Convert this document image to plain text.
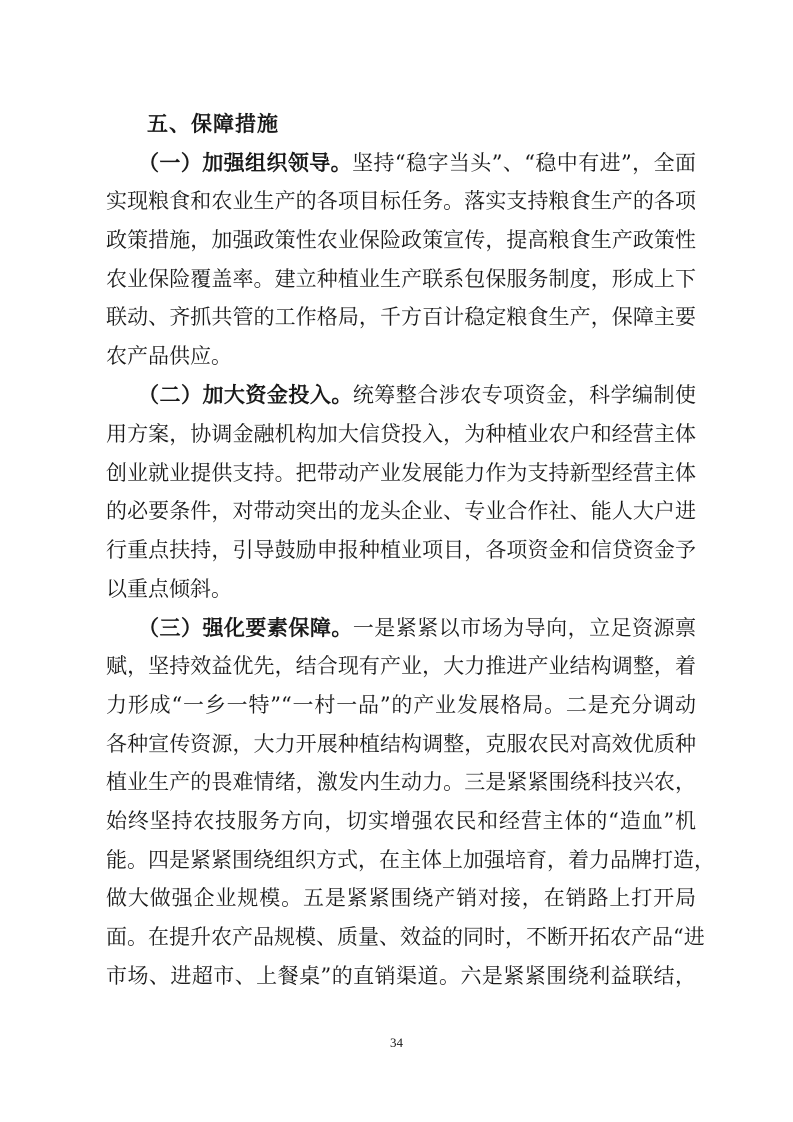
五、保障措施
（一）加强组织领导。坚持“稳字当头”、“稳中有进”，全面
实现粮食和农业生产的各项目标任务。落实支持粮食生产的各项
政策措施，加强政策性农业保险政策宣传，提高粮食生产政策性
农业保险覆盖率。建立种植业生产联系包保服务制度，形成上下
联动、齐抓共管的工作格局，千方百计稳定粮食生产，保障主要
农产品供应。
（二）加大资金投入。统筹整合涉农专项资金，科学编制使
用方案，协调金融机构加大信贷投入，为种植业农户和经营主体
创业就业提供支持。把带动产业发展能力作为支持新型经营主体
的必要条件，对带动突出的龙头企业、专业合作社、能人大户进
行重点扶持，引导鼓励申报种植业项目，各项资金和信贷资金予
以重点倾斜。
（三）强化要素保障。一是紧紧以市场为导向，立足资源禀
赋，坚持效益优先，结合现有产业，大力推进产业结构调整，着
力形成“一乡一特”“一村一品”的产业发展格局。二是充分调动
各种宣传资源，大力开展种植结构调整，克服农民对高效优质种
植业生产的畏难情绪，激发内生动力。三是紧紧围绕科技兴农，
始终坚持农技服务方向，切实增强农民和经营主体的“造血”机
能。四是紧紧围绕组织方式，在主体上加强培育，着力品牌打造，
做大做强企业规模。五是紧紧围绕产销对接，在销路上打开局
面。在提升农产品规模、质量、效益的同时，不断开拓农产品“进
市场、进超市、上餐桌”的直销渠道。六是紧紧围绕利益联结，
34
